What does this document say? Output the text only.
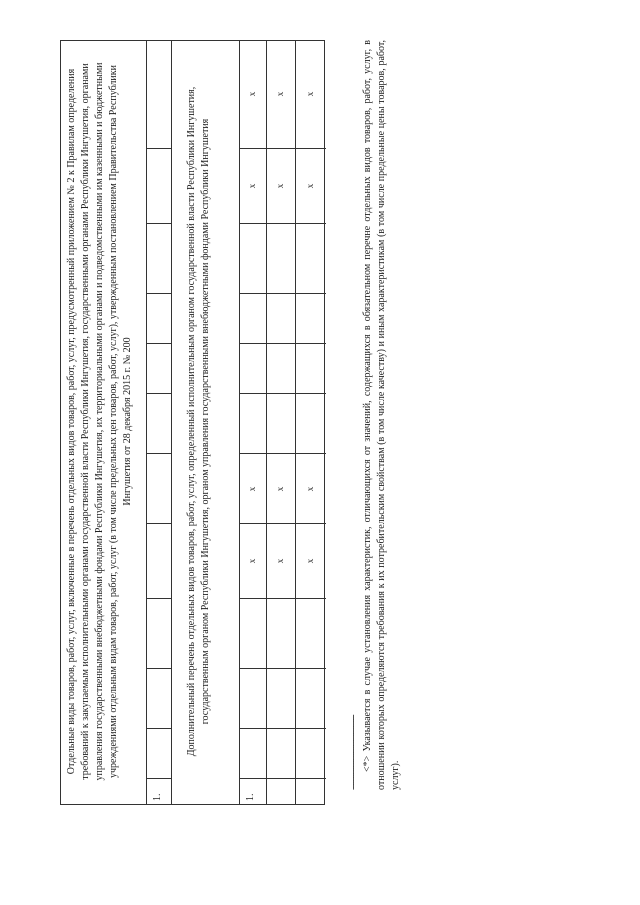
Отдельные виды товаров, работ, услуг, включенные в перечень отдельных видов товаров, работ, услуг, предусмотренный приложением № 2 к Правилам определения требований к закупаемым исполнительными органами государственной власти Республики Ингушетия, государственными органами Республики Ингушетия, органами управления государственными внебюджетными фондами Республики Ингушетия, их территориальными органами и подведомственными им казенными и бюджетными учреждениями отдельным видам товаров, работ, услуг (в том числе предельных цен товаров, работ, услуг), утвержденным постановлением Правительства Республики Ингушетия от 28 декабря 2015 г. № 200
1.
Дополнительный перечень отдельных видов товаров, работ, услуг, определенный исполнительным органом государственной власти Республики Ингушетия, государственным органом Республики Ингушетия, органом управления государственными внебюджетными фондами Республики Ингушетия
1.
x x x
x x x
x x x
x x x
-------------------------------- <*> Указывается в случае установления характеристик, отличающихся от значений, содержащихся в обязательном перечне отдельных видов товаров, работ, услуг, в отношении которых определяются требования к их потребительским свойствам (в том числе качеству) и иным характеристикам (в том числе предельные цены товаров, работ, услуг).
